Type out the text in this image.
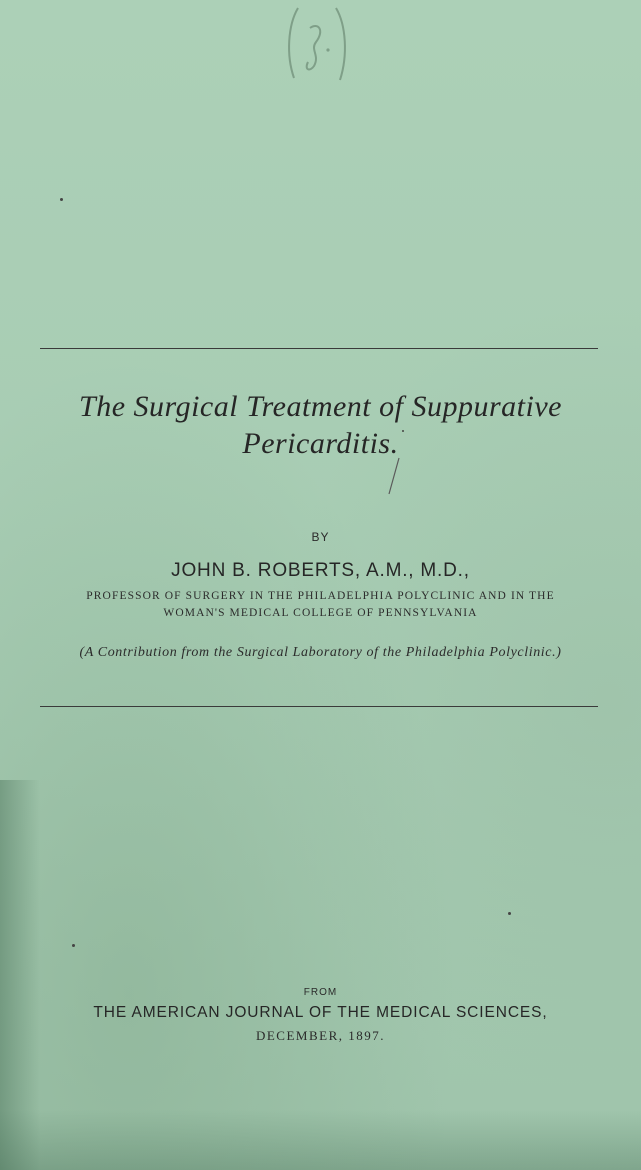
The Surgical Treatment of Suppurative
Pericarditis.
BY
JOHN B. ROBERTS, A.M., M.D.,
PROFESSOR OF SURGERY IN THE PHILADELPHIA POLYCLINIC AND IN THE
WOMAN'S MEDICAL COLLEGE OF PENNSYLVANIA
(A Contribution from the Surgical Laboratory of the Philadelphia Polyclinic.)
FROM
THE AMERICAN JOURNAL OF THE MEDICAL SCIENCES,
DECEMBER, 1897.
